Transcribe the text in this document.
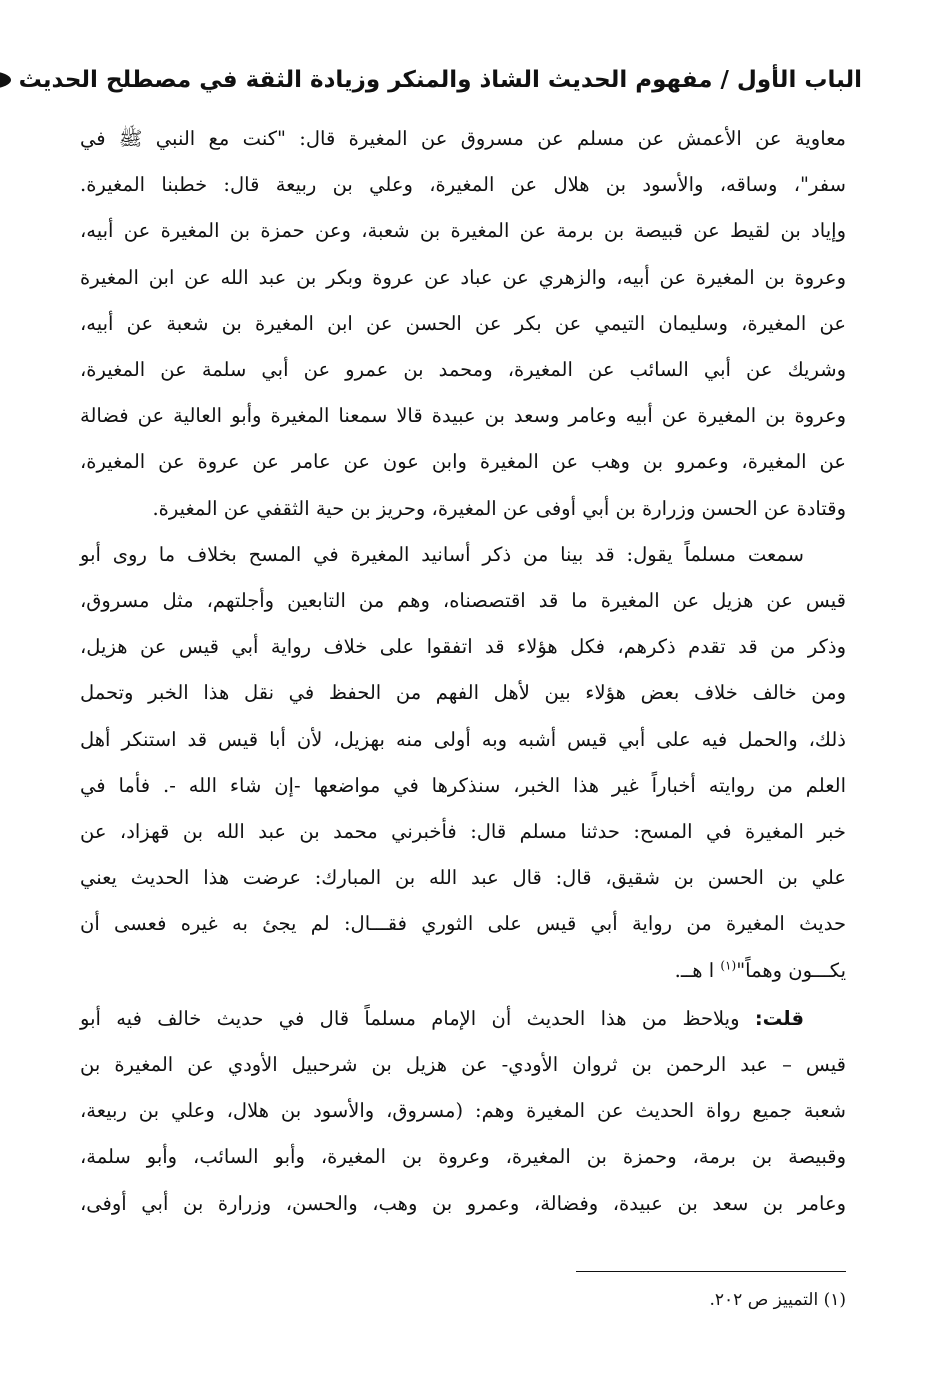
الباب الأول / مفهوم الحديث الشاذ والمنكر وزيادة الثقة في مصطلح الحديث

معاوية عن الأعمش عن مسلم عن مسروق عن المغيرة قال: "كنت مع النبي ﷺ في
سفر"، وساقه، والأسود بن هلال عن المغيرة، وعلي بن ربيعة قال: خطبنا المغيرة.
وإياد بن لقيط عن قبيصة بن برمة عن المغيرة بن شعبة، وعن حمزة بن المغيرة عن أبيه،
وعروة بن المغيرة عن أبيه، والزهري عن عباد عن عروة وبكر بن عبد الله عن ابن المغيرة
عن المغيرة، وسليمان التيمي عن بكر عن الحسن عن ابن المغيرة بن شعبة عن أبيه،
وشريك عن أبي السائب عن المغيرة، ومحمد بن عمرو عن أبي سلمة عن المغيرة،
وعروة بن المغيرة عن أبيه وعامر وسعد بن عبيدة قالا سمعنا المغيرة وأبو العالية عن فضالة
عن المغيرة، وعمرو بن وهب عن المغيرة وابن عون عن عامر عن عروة عن المغيرة،
وقتادة عن الحسن وزرارة بن أبي أوفى عن المغيرة، وحريز بن حية الثقفي عن المغيرة.

سمعت مسلماً يقول: قد بينا من ذكر أسانيد المغيرة في المسح بخلاف ما روى أبو
قيس عن هزيل عن المغيرة ما قد اقتصصناه، وهم من التابعين وأجلتهم، مثل مسروق،
وذكر من قد تقدم ذكرهم، فكل هؤلاء قد اتفقوا على خلاف رواية أبي قيس عن هزيل،
ومن خالف خلاف بعض هؤلاء بين لأهل الفهم من الحفظ في نقل هذا الخبر وتحمل
ذلك، والحمل فيه على أبي قيس أشبه وبه أولى منه بهزيل، لأن أبا قيس قد استنكر أهل
العلم من روايته أخباراً غير هذا الخبر، سنذكرها في مواضعها -إن شاء الله -. فأما في
خبر المغيرة في المسح: حدثنا مسلم قال: فأخبرني محمد بن عبد الله بن قهزاد، عن
علي بن الحسن بن شقيق، قال: قال عبد الله بن المبارك: عرضت هذا الحديث يعني
حديث المغيرة من رواية أبي قيس على الثوري فقـــال: لم يجئ به غيره فعسى أن
يكـــون وهماً"$^{(١)}$ ا هــ.

قلت: ويلاحظ من هذا الحديث أن الإمام مسلماً قال في حديث خالف فيه أبو
قيس – عبد الرحمن بن ثروان الأودي- عن هزيل بن شرحبيل الأودي عن المغيرة بن
شعبة جميع رواة الحديث عن المغيرة وهم: (مسروق، والأسود بن هلال، وعلي بن ربيعة،
وقبيصة بن برمة، وحمزة بن المغيرة، وعروة بن المغيرة، وأبو السائب، وأبو سلمة،
وعامر بن سعد بن عبيدة، وفضالة، وعمرو بن وهب، والحسن، وزرارة بن أبي أوفى،

(١) التمييز ص ٢٠٢.
